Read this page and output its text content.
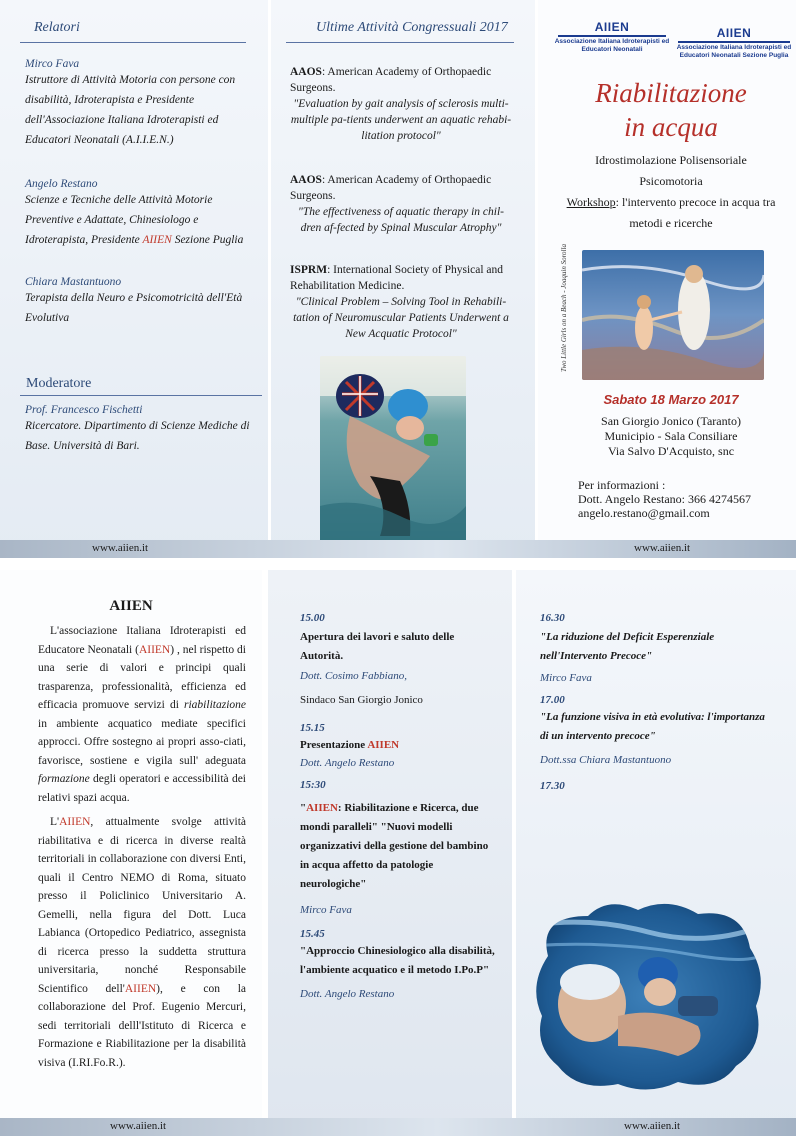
Relatori
Mirco Fava
Istruttore di Attività Motoria con persone con disabilità, Idroterapista e Presidente dell'Associazione Italiana Idroterapisti ed Educatori Neonatali (A.I.I.E.N.)
Angelo Restano
Scienze e Tecniche delle Attività Motorie Preventive e Adattate, Chinesiologo e Idroterapista, Presidente AIIEN Sezione Puglia
Chiara Mastantuono
Terapista della Neuro e Psicomotricità dell'Età Evolutiva
Moderatore
Prof. Francesco Fischetti
Ricercatore. Dipartimento di Scienze Mediche di Base. Università di Bari.
Ultime Attività Congressuali 2017
AAOS: American Academy of Orthopaedic Surgeons.
"Evaluation by gait analysis of sclerosis multi-multiple pa-tients underwent an aquatic rehabi-litation protocol"
AAOS: American Academy of Orthopaedic Surgeons.
"The effectiveness of aquatic therapy in chil-dren af-fected by Spinal Muscular Atrophy"
ISPRM: International Society of Physical and Rehabilitation Medicine.
"Clinical Problem – Solving Tool in Rehabili-tation of Neuromuscular Patients Underwent a New Acquatic Protocol"
AIIEN
Associazione Italiana Idroterapisti ed Educatori Neonatali
AIIEN
Associazione Italiana Idroterapisti ed Educatori Neonatali Sezione Puglia
Riabilitazione
in acqua
Idrostimolazione Polisensoriale
Psicomotoria
Workshop: l'intervento precoce in acqua tra metodi e ricerche
Two Little Girls on a Beach - Joaquin Sorolla
Sabato 18 Marzo 2017
San Giorgio Jonico (Taranto)
Municipio - Sala Consiliare
Via Salvo D'Acquisto, snc
Per informazioni :
Dott. Angelo Restano: 366 4274567
angelo.restano@gmail.com
www.aiien.it	www.aiien.it
AIIEN

L'associazione Italiana Idroterapisti ed Educatore Neonatali (AIIEN) , nel rispetto di una serie di valori e principi quali trasparenza, professionalità, efficienza ed efficacia promuove servizi di riabilitazione in ambiente acquatico mediate specifici approcci. Offre sostegno ai propri asso-ciati, favorisce, sostiene e vigila sull' adeguata formazione degli operatori e accessibilità dei relativi spazi acqua.

L'AIIEN, attualmente svolge attività riabilitativa e di ricerca in diverse realtà territoriali in collaborazione con diversi Enti, quali il Centro NEMO di Roma, situato presso il Policlinico Universitario A. Gemelli, nella figura del Dott. Luca Labianca (Ortopedico Pediatrico, assegnista di ricerca presso la suddetta struttura universitaria, nonché Responsabile Scientifico dell'AIIEN), e con la collaborazione del Prof. Eugenio Mercuri, sedi territoriali delll'Istituto di Ricerca e Formazione e Riabilitazione per la disabilità visiva (I.RI.Fo.R.).

15.00
Apertura dei lavori e saluto delle Autorità.
Dott. Cosimo Fabbiano,
Sindaco San Giorgio Jonico
15.15
Presentazione AIIEN
Dott. Angelo Restano
15:30
"AIIEN: Riabilitazione e Ricerca, due mondi paralleli" "Nuovi modelli organizzativi della gestione del bambino in acqua affetto da patologie neurologiche"
Mirco Fava
15.45
"Approccio Chinesiologico alla disabilità, l'ambiente acquatico e il metodo I.Po.P"
Dott. Angelo Restano
16.30
"La riduzione del Deficit Esperenziale nell'Intervento Precoce"
Mirco Fava
17.00
"La funzione visiva in età evolutiva: l'importanza di un intervento precoce"
Dott.ssa Chiara Mastantuono
17.30
www.aiien.it	www.aiien.it
